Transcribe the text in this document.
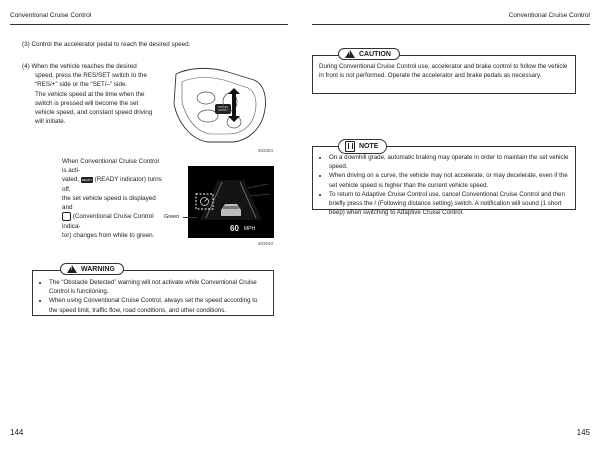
Conventional Cruise Control	Conventional Cruise Control
(3) Control the accelerator pedal to reach the desired speed.
(4) When the vehicle reaches the desired
speed, press the RES/SET switch to the
“RES/+” side or the “SET/–” side.
The vehicle speed at the time when the
switch is pressed will become the set
vehicle speed, and constant speed driving
will initiate.
603384
When Conventional Cruise Control is acti-
vated, READY (READY indicator) turns off,
the set vehicle speed is displayed and
(Conventional Cruise Control indica-
tor) changes from white to green.
60 MPH
Green
603040
• The “Obstacle Detected” warning will not activate while Conventional Cruise Control is functioning.
• When using Conventional Cruise Control, always set the speed according to the speed limit, traffic flow, road conditions, and other conditions.
!
WARNING
144
During Conventional Cruise Control use, accelerator and brake control to follow the vehicle in front is not performed. Operate the accelerator and brake pedals as necessary.
!
CAUTION
• On a downhill grade, automatic braking may operate in order to maintain the set vehicle speed.
• When driving on a curve, the vehicle may not accelerate, or may decelerate, even if the set vehicle speed is higher than the current vehicle speed.
• To return to Adaptive Cruise Control use, cancel Conventional Cruise Control and then briefly press the / (Following distance setting) switch. A notification will sound (1 short beep) when switching to Adaptive Cruise Control.
NOTE
145
